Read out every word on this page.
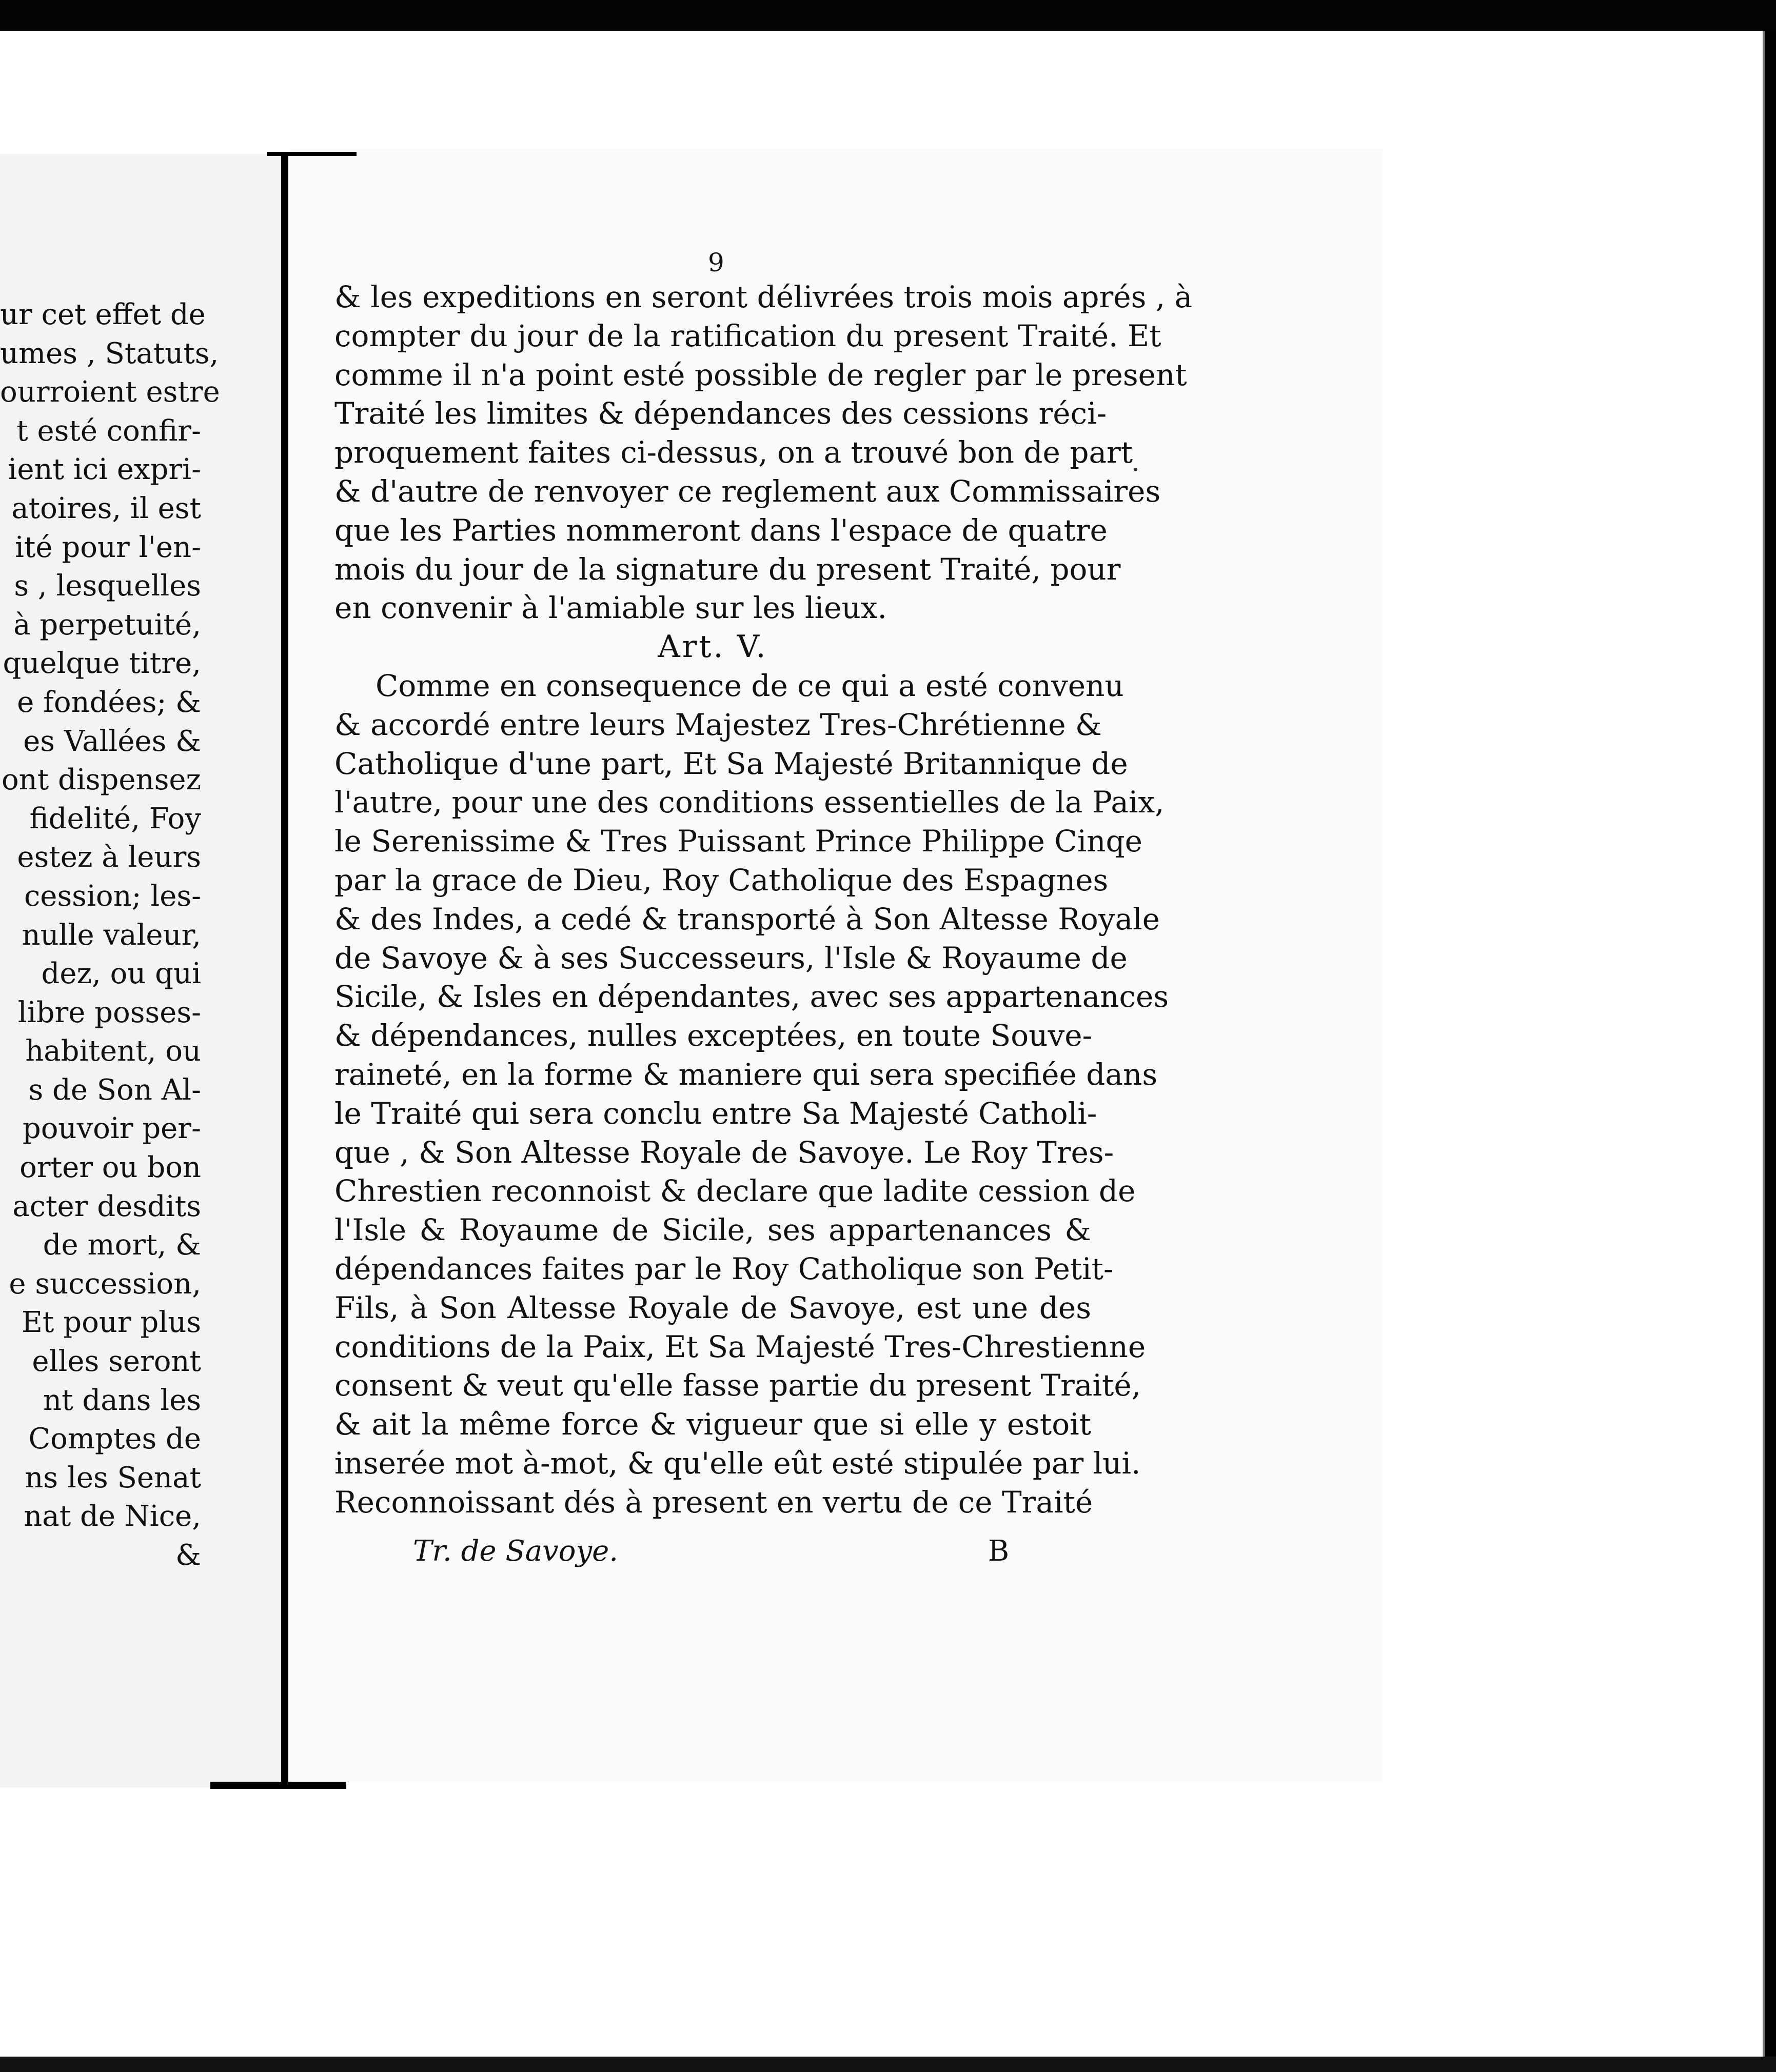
ur cet effet de
umes , Statuts,
ourroient estre
t esté confir-
ient ici expri-
atoires, il est
ité pour l'en-
s , lesquelles
à perpetuité,
quelque titre,
e fondées; &
es Vallées &
ont dispensez
fidelité, Foy
estez à leurs
cession; les-
nulle valeur,
dez, ou qui
libre posses-
habitent, ou
s de Son Al-
pouvoir per-
orter ou bon
acter desdits
de mort, &
e succession,
Et pour plus
elles seront
nt dans les
Comptes de
ns les Senat
nat de Nice,
&
9
& les expeditions en seront délivrées trois mois aprés , à
compter du jour de la ratification du present Traité. Et
comme il n'a point esté possible de regler par le present
Traité les limites & dépendances des cessions réci-
proquement faites ci-dessus, on a trouvé bon de part
& d'autre de renvoyer ce reglement aux Commissaires
que les Parties nommeront dans l'espace de quatre
mois du jour de la signature du present Traité, pour
en convenir à l'amiable sur les lieux.
Art. V.
Comme en consequence de ce qui a esté convenu
& accordé entre leurs Majestez Tres-Chrétienne &
Catholique d'une part, Et Sa Majesté Britannique de
l'autre, pour une des conditions essentielles de la Paix,
le Serenissime & Tres Puissant Prince Philippe Cinqe
par la grace de Dieu, Roy Catholique des Espagnes
& des Indes, a cedé & transporté à Son Altesse Royale
de Savoye & à ses Successeurs, l'Isle & Royaume de
Sicile, & Isles en dépendantes, avec ses appartenances
& dépendances, nulles exceptées, en toute Souve-
raineté, en la forme & maniere qui sera specifiée dans
le Traité qui sera conclu entre Sa Majesté Catholi-
que , & Son Altesse Royale de Savoye. Le Roy Tres-
Chrestien reconnoist & declare que ladite cession de
l'Isle & Royaume de Sicile, ses appartenances &
dépendances faites par le Roy Catholique son Petit-
Fils, à Son Altesse Royale de Savoye, est une des
conditions de la Paix, Et Sa Majesté Tres-Chrestienne
consent & veut qu'elle fasse partie du present Traité,
& ait la même force & vigueur que si elle y estoit
inserée mot à-mot, & qu'elle eût esté stipulée par lui.
Reconnoissant dés à present en vertu de ce Traité
Tr. de Savoye.	B
